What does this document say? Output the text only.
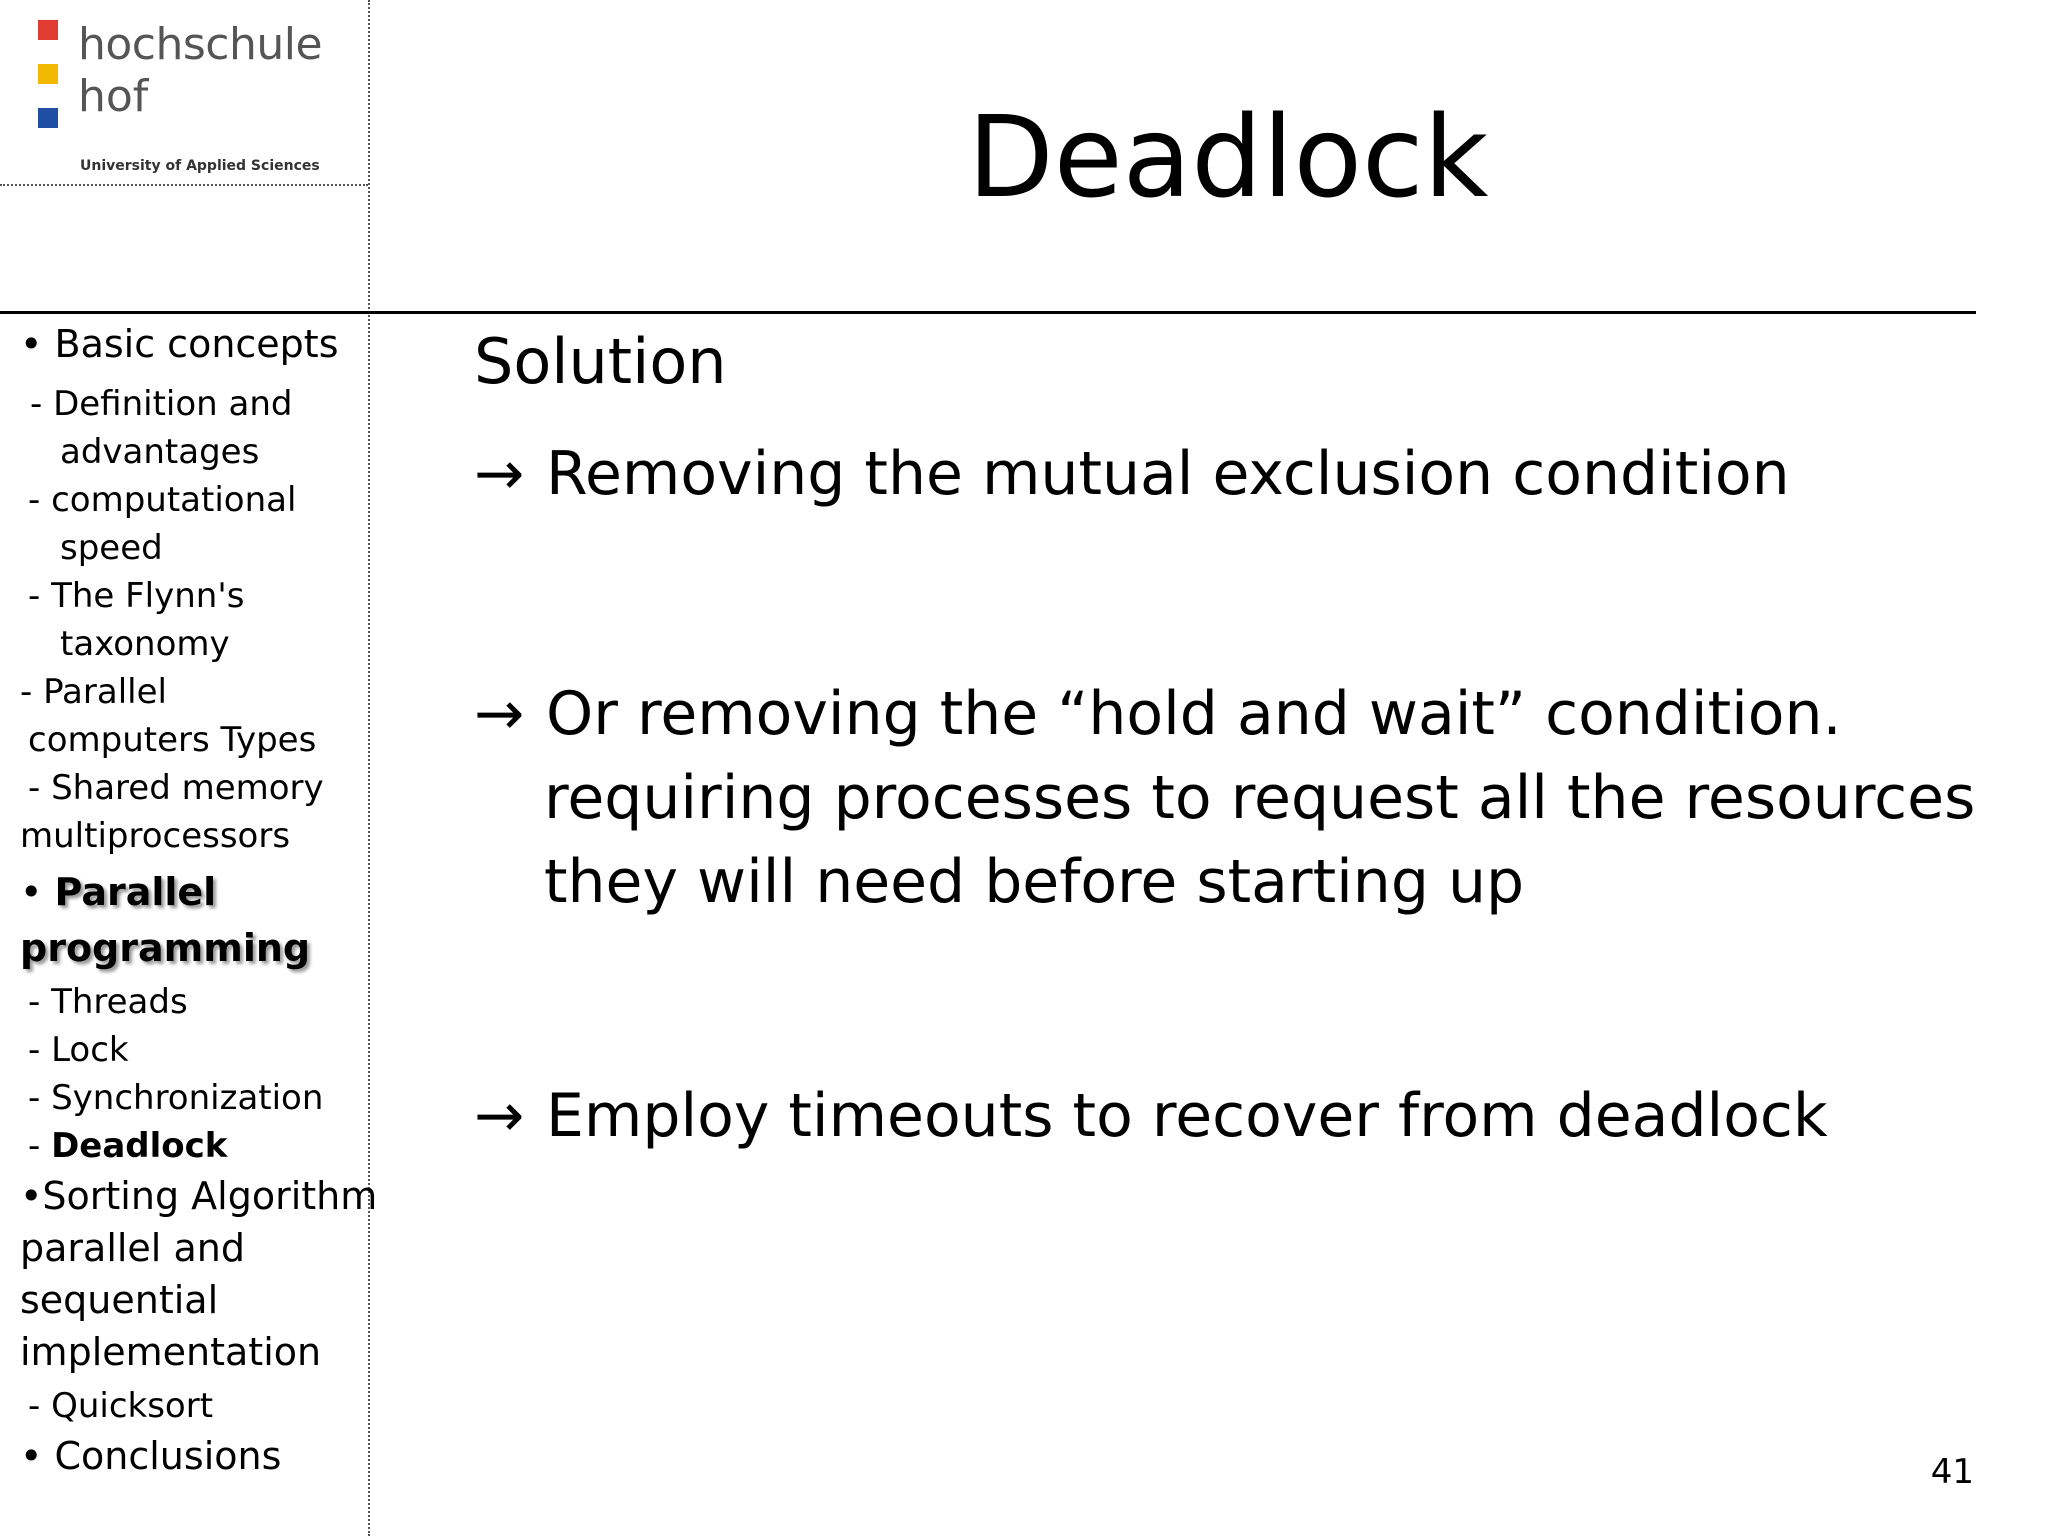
hochschule
hof
University of Applied Sciences	Deadlock
• Basic concepts
- Definition and
advantages
- computational
speed
- The Flynn's
taxonomy
- Parallel
computers Types
- Shared memory
multiprocessors
• Parallel
programming
- Threads
- Lock
- Synchronization
- Deadlock
•Sorting Algorithm
parallel and
sequential
implementation
- Quicksort
• Conclusions
Solution
→ Removing the mutual exclusion condition
→ Or removing the “hold and wait” condition.
requiring processes to request all the resources
they will need before starting up
→ Employ timeouts to recover from deadlock
41
